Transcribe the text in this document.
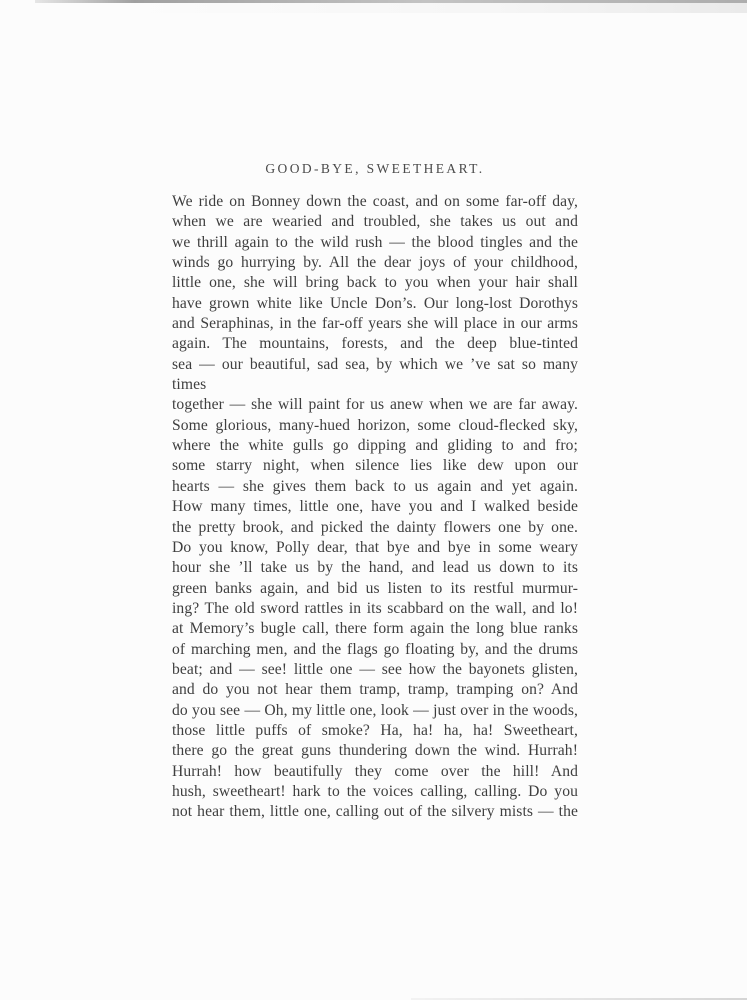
GOOD-BYE, SWEETHEART.
We ride on Bonney down the coast, and on some far-off day,
when we are wearied and troubled, she takes us out and
we thrill again to the wild rush — the blood tingles and the
winds go hurrying by. All the dear joys of your childhood,
little one, she will bring back to you when your hair shall
have grown white like Uncle Don’s. Our long-lost Dorothys
and Seraphinas, in the far-off years she will place in our arms
again. The mountains, forests, and the deep blue-tinted
sea — our beautiful, sad sea, by which we ’ve sat so many times
together — she will paint for us anew when we are far away.
Some glorious, many-hued horizon, some cloud-flecked sky,
where the white gulls go dipping and gliding to and fro;
some starry night, when silence lies like dew upon our
hearts — she gives them back to us again and yet again.
How many times, little one, have you and I walked beside
the pretty brook, and picked the dainty flowers one by one.
Do you know, Polly dear, that bye and bye in some weary
hour she ’ll take us by the hand, and lead us down to its
green banks again, and bid us listen to its restful murmur-
ing? The old sword rattles in its scabbard on the wall, and lo!
at Memory’s bugle call, there form again the long blue ranks
of marching men, and the flags go floating by, and the drums
beat; and — see! little one — see how the bayonets glisten,
and do you not hear them tramp, tramp, tramping on? And
do you see — Oh, my little one, look — just over in the woods,
those little puffs of smoke? Ha, ha! ha, ha! Sweetheart,
there go the great guns thundering down the wind. Hurrah!
Hurrah! how beautifully they come over the hill! And
hush, sweetheart! hark to the voices calling, calling. Do you
not hear them, little one, calling out of the silvery mists — the
